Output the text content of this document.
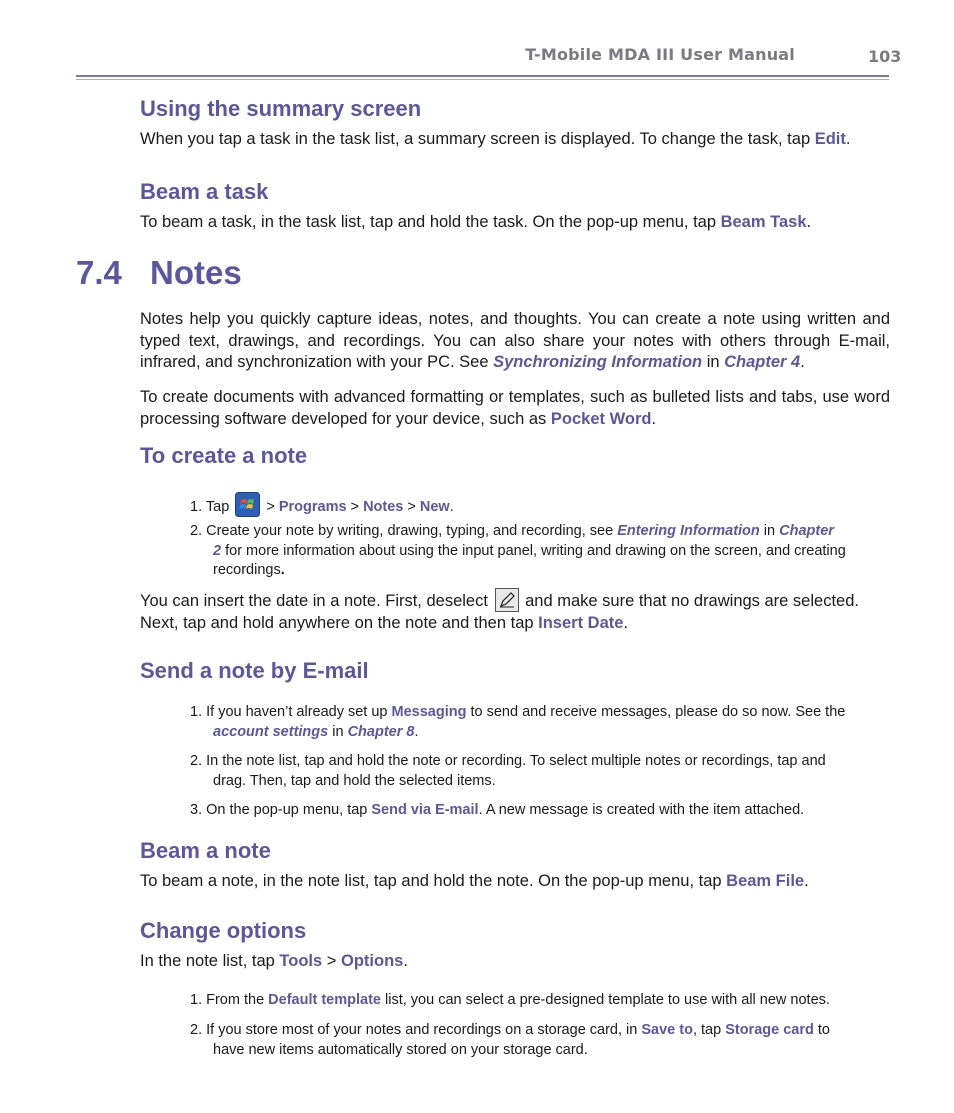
T-Mobile MDA III User Manual	103
Using the summary screen
When you tap a task in the task list, a summary screen is displayed. To change the task, tap Edit.
Beam a task
To beam a task, in the task list, tap and hold the task. On the pop-up menu, tap Beam Task.
7.4 Notes
Notes help you quickly capture ideas, notes, and thoughts. You can create a note using written and typed text, drawings, and recordings. You can also share your notes with others through E-mail, infrared, and synchronization with your PC. See Synchronizing Information in Chapter 4.
To create documents with advanced formatting or templates, such as bulleted lists and tabs, use word processing software developed for your device, such as Pocket Word.
To create a note
1. Tap	> Programs > Notes > New.
2. Create your note by writing, drawing, typing, and recording, see Entering Information in Chapter
2 for more information about using the input panel, writing and drawing on the screen, and creating
recordings.
You can insert the date in a note. First, deselect  and make sure that no drawings are selected. Next, tap and hold anywhere on the note and then tap Insert Date.
Send a note by E-mail
1. If you haven’t already set up Messaging to send and receive messages, please do so now. See the
account settings in Chapter 8.
2. In the note list, tap and hold the note or recording. To select multiple notes or recordings, tap and
drag. Then, tap and hold the selected items.
3. On the pop-up menu, tap Send via E-mail. A new message is created with the item attached.
Beam a note
To beam a note, in the note list, tap and hold the note. On the pop-up menu, tap Beam File.
Change options
In the note list, tap Tools > Options.
1. From the Default template list, you can select a pre-designed template to use with all new notes.
2. If you store most of your notes and recordings on a storage card, in Save to, tap Storage card to
have new items automatically stored on your storage card.
